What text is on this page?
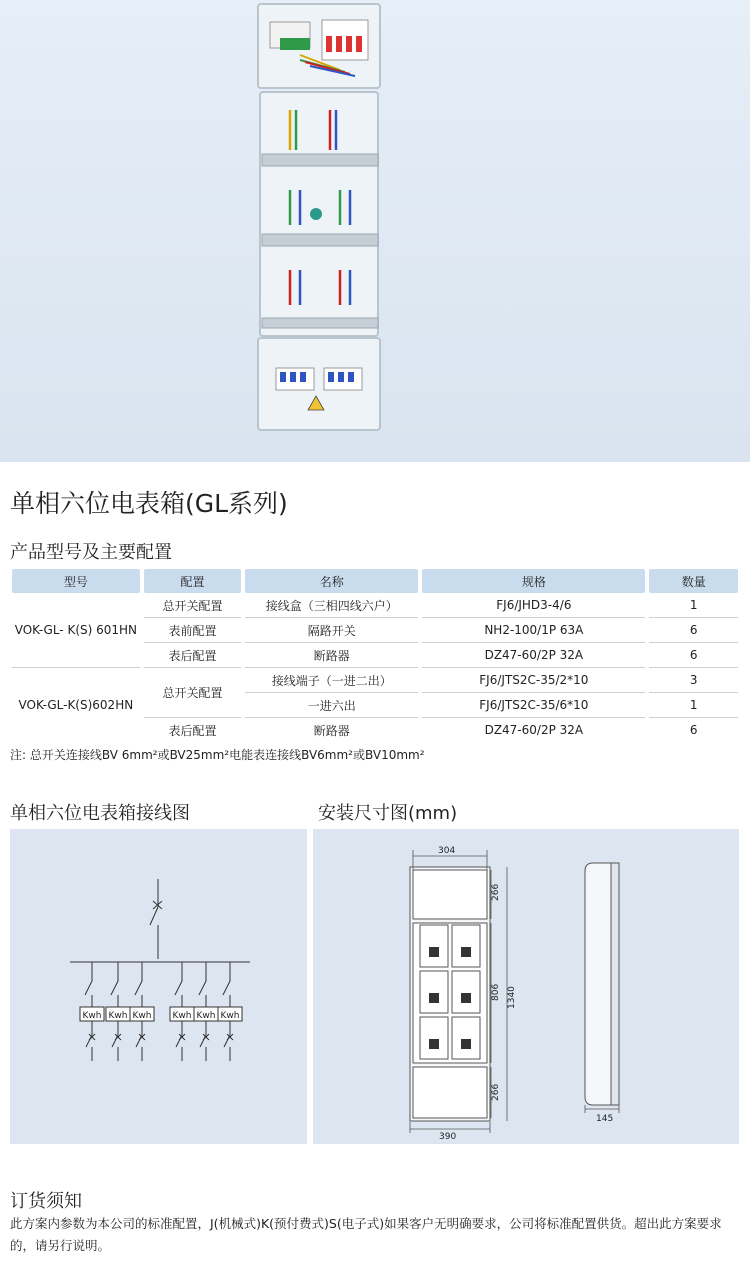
单相六位电表箱(GL系列)
产品型号及主要配置
型号	配置	名称	规格	数量
VOK-GL- K(S) 601HN	总开关配置	接线盒（三相四线六户）	FJ6/JHD3-4/6	1
	表前配置	隔路开关	NH2-100/1P 63A	6
	表后配置	断路器	DZ47-60/2P 32A	6
VOK-GL-K(S)602HN	总开关配置	接线端子（一进二出）	FJ6/JTS2C-35/2*10	3
		一进六出	FJ6/JTS2C-35/6*10	1
	表后配置	断路器	DZ47-60/2P 32A	6
注: 总开关连接线BV 6mm²或BV25mm²电能表连接线BV6mm²或BV10mm²
单相六位电表箱接线图	安装尺寸图(mm)
Kwh Kwh Kwh Kwh Kwh Kwh
304
266
806 1340
266
390
145
订货须知
此方案内参数为本公司的标准配置，J(机械式)K(预付费式)S(电子式)如果客户无明确要求，公司将标准配置供货。超出此方案要求的，请另行说明。
